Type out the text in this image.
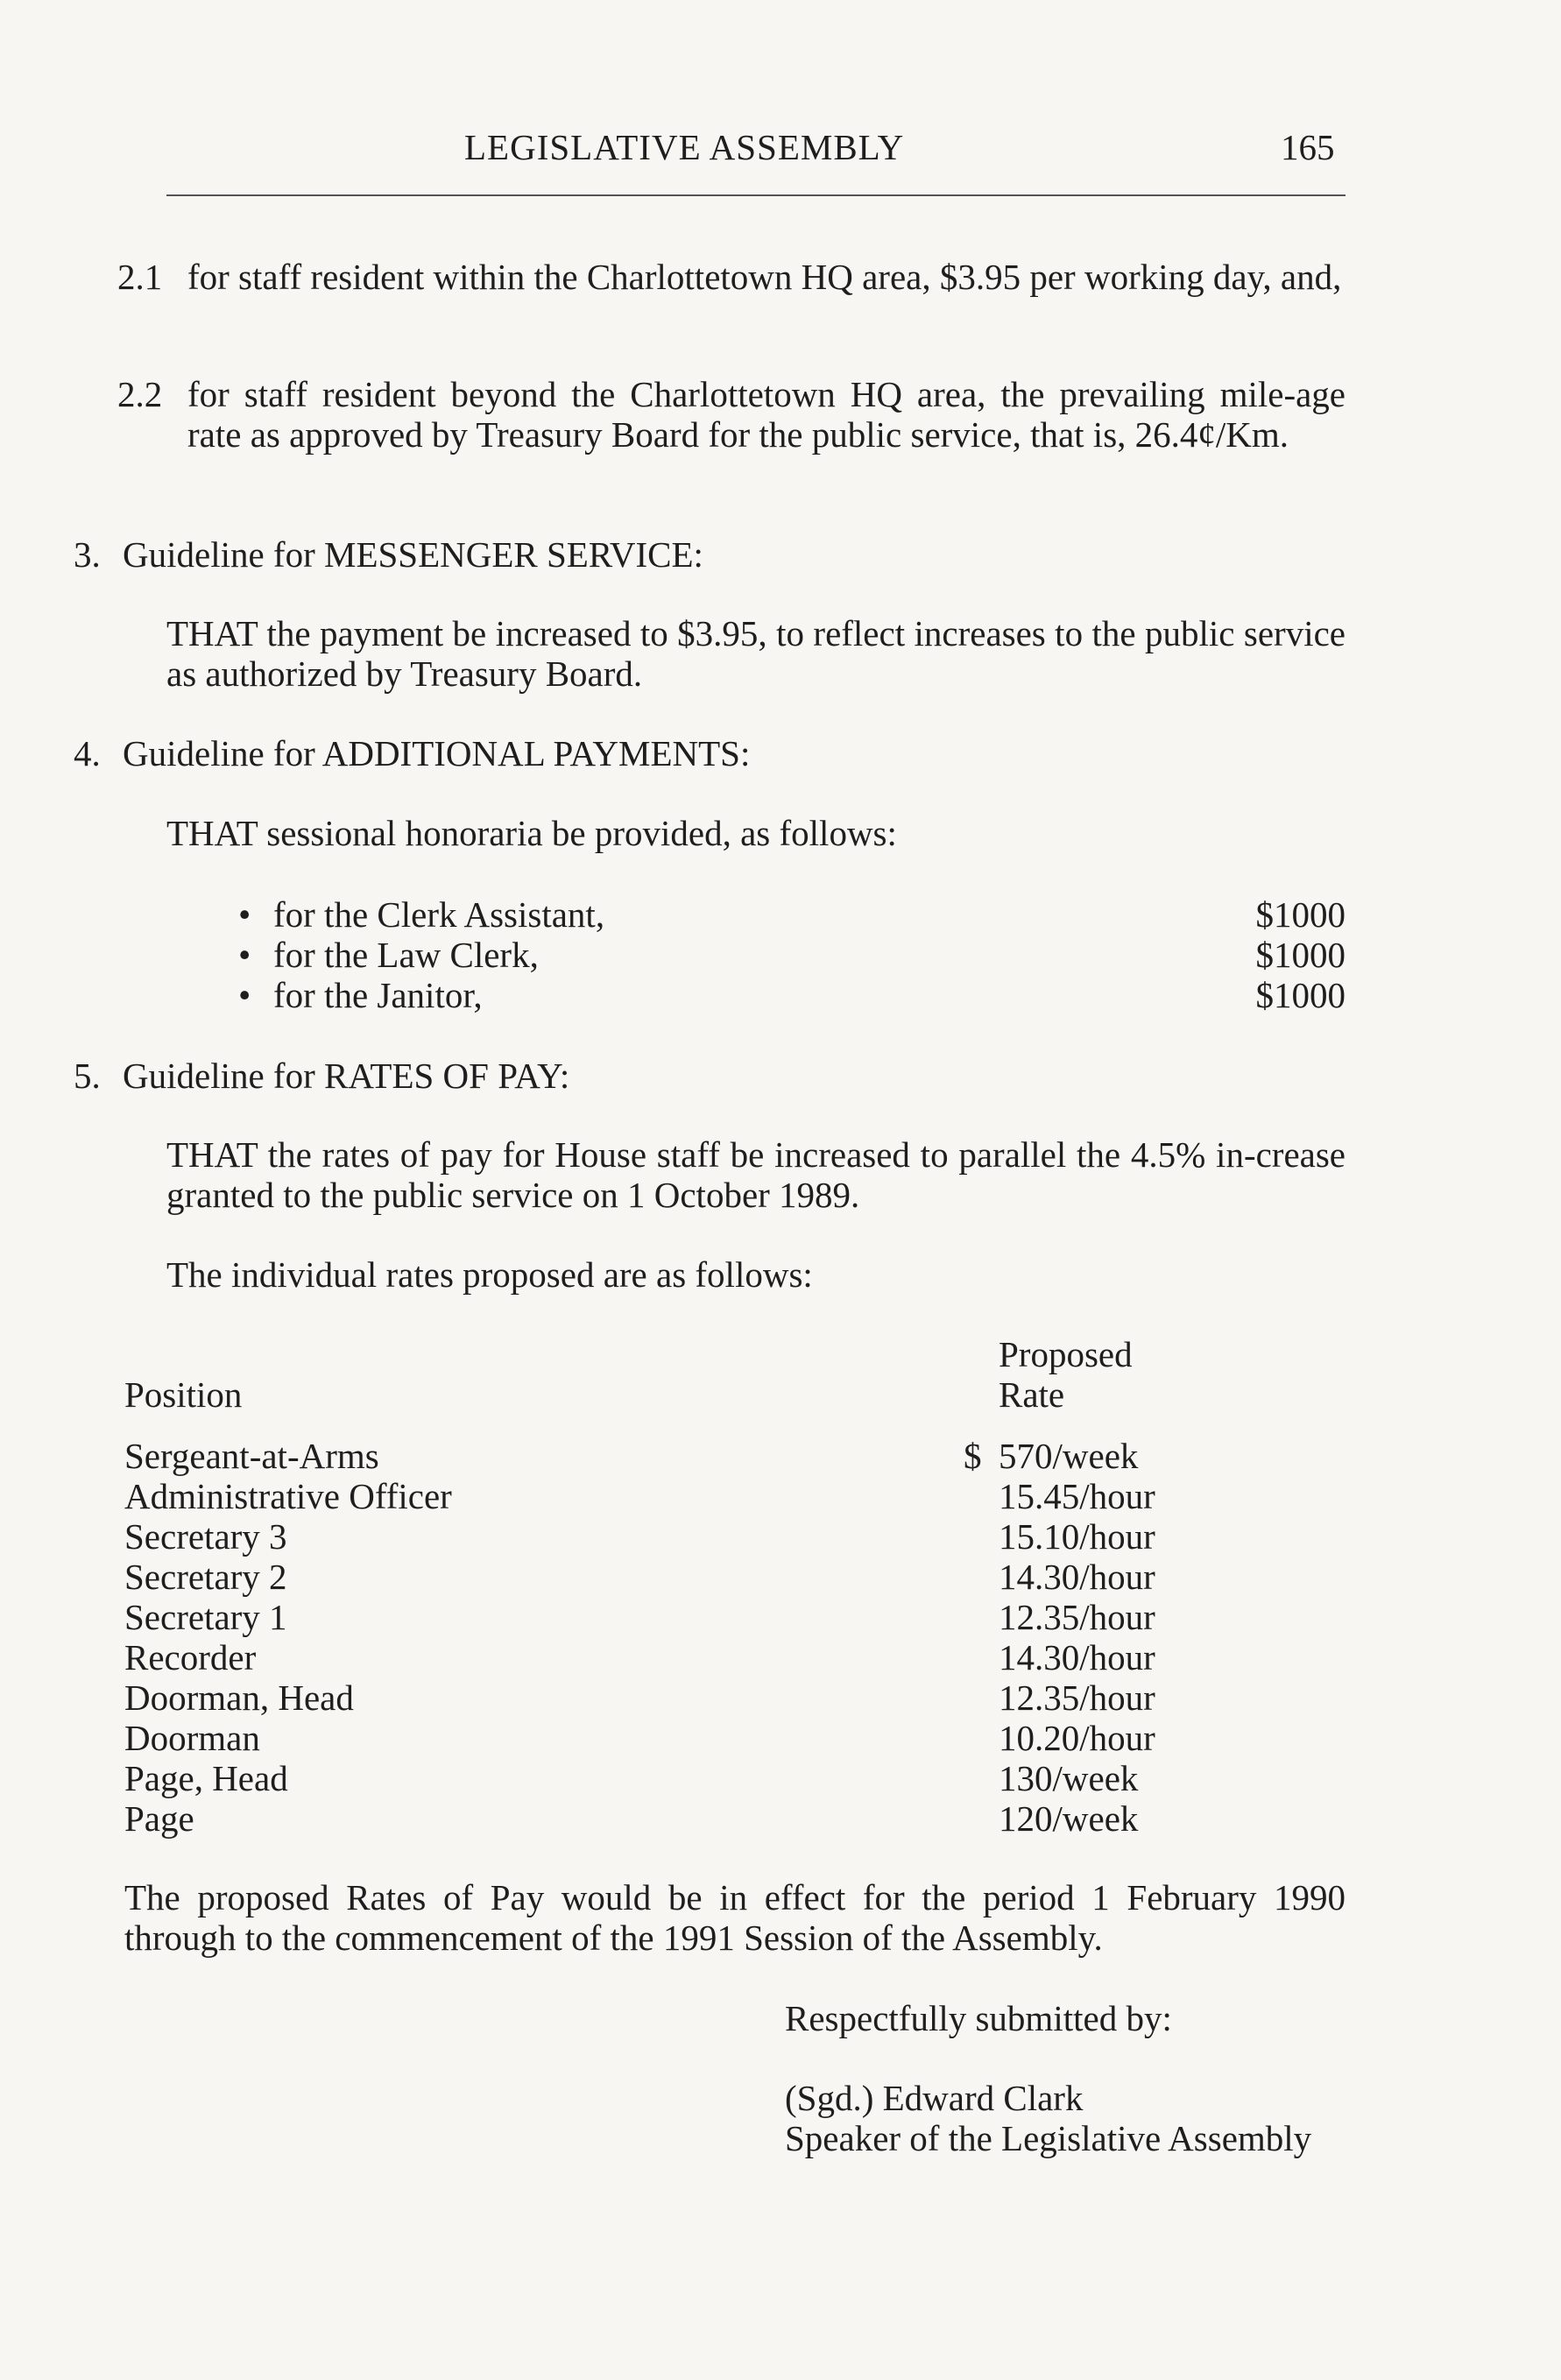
LEGISLATIVE ASSEMBLY	165
2.1 for staff resident within the Charlottetown HQ area, $3.95 per working day, and,
2.2 for staff resident beyond the Charlottetown HQ area, the prevailing mile-age rate as approved by Treasury Board for the public service, that is, 26.4¢/Km.
3. Guideline for MESSENGER SERVICE:
THAT the payment be increased to $3.95, to reflect increases to the public service as authorized by Treasury Board.
4. Guideline for ADDITIONAL PAYMENTS:
THAT sessional honoraria be provided, as follows:
• for the Clerk Assistant,	$1000
• for the Law Clerk,	$1000
• for the Janitor,	$1000
5. Guideline for RATES OF PAY:
THAT the rates of pay for House staff be increased to parallel the 4.5% in-crease granted to the public service on 1 October 1989.
The individual rates proposed are as follows:
Proposed
Position	Rate
Sergeant-at-Arms	$ 570/week
Administrative Officer	15.45/hour
Secretary 3	15.10/hour
Secretary 2	14.30/hour
Secretary 1	12.35/hour
Recorder	14.30/hour
Doorman, Head	12.35/hour
Doorman	10.20/hour
Page, Head	130/week
Page	120/week
The proposed Rates of Pay would be in effect for the period 1 February 1990 through to the commencement of the 1991 Session of the Assembly.
Respectfully submitted by:
(Sgd.) Edward Clark
Speaker of the Legislative Assembly
